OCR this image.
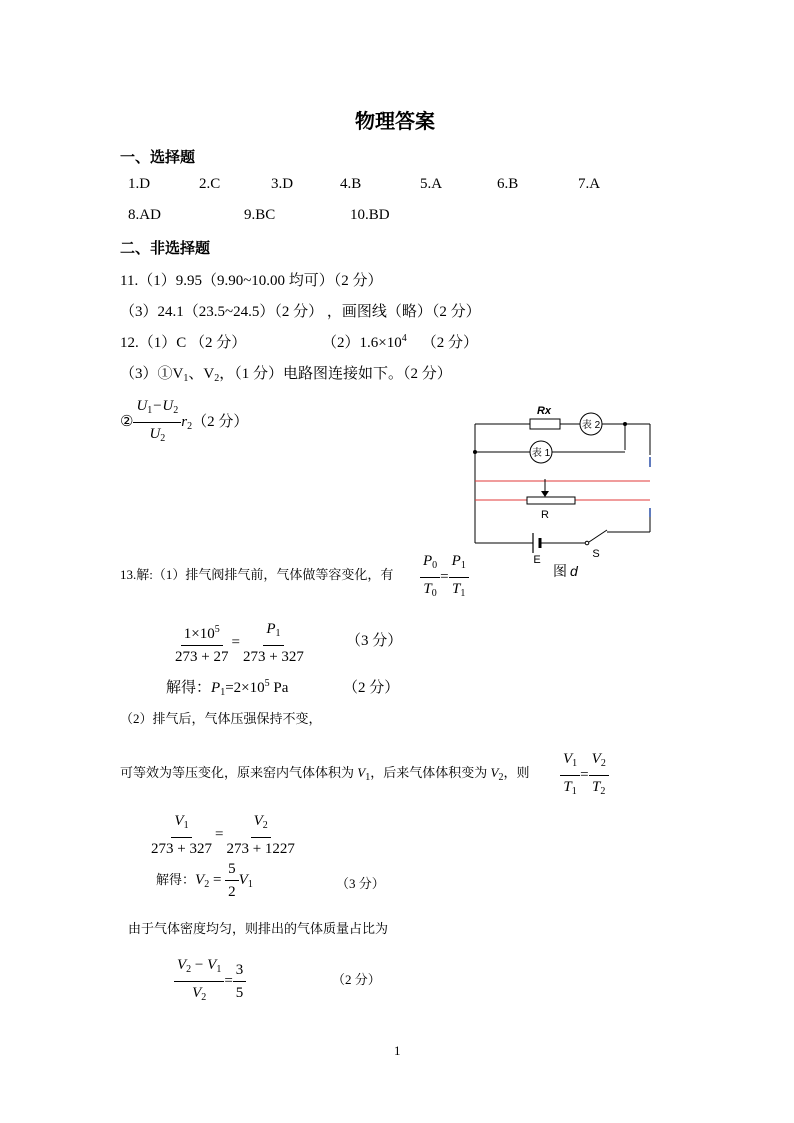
物理答案
一、选择题
1.D	2.C	3.D	4.B	5.A	6.B	7.A
8.AD	9.BC	10.BD
二、非选择题
11.（1）9.95（9.90~10.00 均可）（2 分）
（3）24.1（23.5~24.5）（2 分） ，画图线（略）（2 分）
12.（1）C （2 分）	$(2)1.6\times 10^4$ （2 分）
$(3)①V_1$、$V_2$，（1 分）电路图连接如下。（2 分）
② $\frac{U_1-U_2}{U_2} r_2(2$ 分）
Rx
表 2
表 1
R
E	S
图 d
13.解:（1）排气阀排气前，气体做等容变化，有 $\frac{P_0}{T_0} = \frac{P_1}{T_1}$
$\frac{1\times 10^5}{273 + 27} = \frac{P_1}{273 + 327}$	（3 分）
解得：$P_1=2\times 10^5$ Pa	（2 分）
（2）排气后，气体压强保持不变，
可等效为等压变化，原来窑内气体体积为 $V_1$，后来气体体积变为 $V_2$，则 $\frac{V_1}{T_1} = \frac{V_2}{T_2}$
$\frac{V_1}{273 + 327} = \frac{V_2}{273 + 1227}$
解得：$V_2 = \frac{5}{2} V_1$	（3 分）
由于气体密度均匀，则排出的气体质量占比为
$\frac{V_2 - V_1}{V_2} = \frac{3}{5}$	（2 分）
1
